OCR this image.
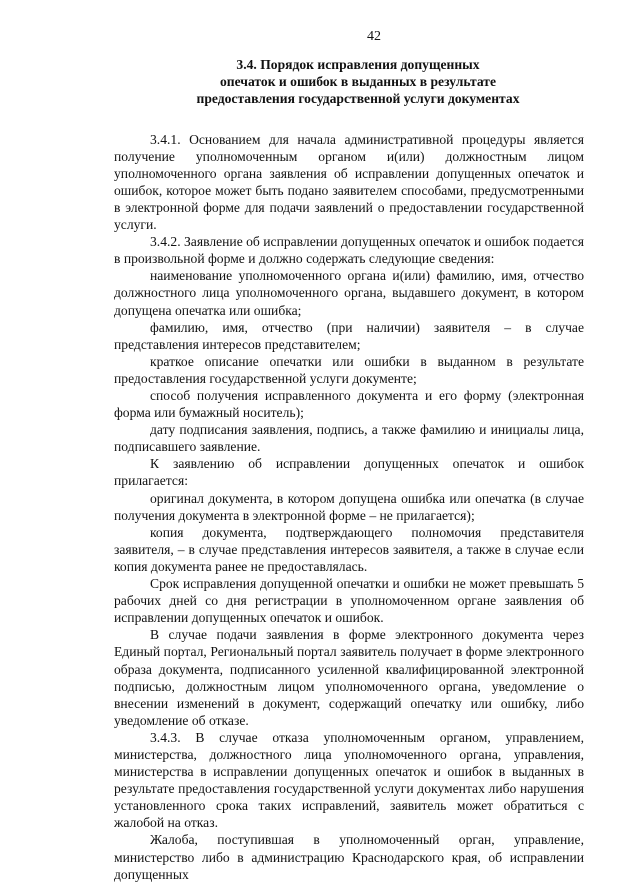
42
3.4. Порядок исправления допущенных
опечаток и ошибок в выданных в результате
предоставления государственной услуги документах

3.4.1. Основанием для начала административной процедуры является получение уполномоченным органом и(или) должностным лицом уполномоченного органа заявления об исправлении допущенных опечаток и ошибок, которое может быть подано заявителем способами, предусмотренными в электронной форме для подачи заявлений о предоставлении государственной услуги.

3.4.2. Заявление об исправлении допущенных опечаток и ошибок подается в произвольной форме и должно содержать следующие сведения:

наименование уполномоченного органа и(или) фамилию, имя, отчество должностного лица уполномоченного органа, выдавшего документ, в котором допущена опечатка или ошибка;

фамилию, имя, отчество (при наличии) заявителя – в случае представления интересов представителем;

краткое описание опечатки или ошибки в выданном в результате предоставления государственной услуги документе;

способ получения исправленного документа и его форму (электронная форма или бумажный носитель);

дату подписания заявления, подпись, а также фамилию и инициалы лица, подписавшего заявление.

К заявлению об исправлении допущенных опечаток и ошибок прилагается:

оригинал документа, в котором допущена ошибка или опечатка (в случае получения документа в электронной форме – не прилагается);

копия документа, подтверждающего полномочия представителя заявителя, – в случае представления интересов заявителя, а также в случае если копия документа ранее не предоставлялась.

Срок исправления допущенной опечатки и ошибки не может превышать 5 рабочих дней со дня регистрации в уполномоченном органе заявления об исправлении допущенных опечаток и ошибок.

В случае подачи заявления в форме электронного документа через Единый портал, Региональный портал заявитель получает в форме электронного образа документа, подписанного усиленной квалифицированной электронной подписью, должностным лицом уполномоченного органа, уведомление о внесении изменений в документ, содержащий опечатку или ошибку, либо уведомление об отказе.

3.4.3. В случае отказа уполномоченным органом, управлением, министерства, должностного лица уполномоченного органа, управления, министерства в исправлении допущенных опечаток и ошибок в выданных в результате предоставления государственной услуги документах либо нарушения установленного срока таких исправлений, заявитель может обратиться с жалобой на отказ.

Жалоба, поступившая в уполномоченный орган, управление, министерство либо в администрацию Краснодарского края, об исправлении допущенных
